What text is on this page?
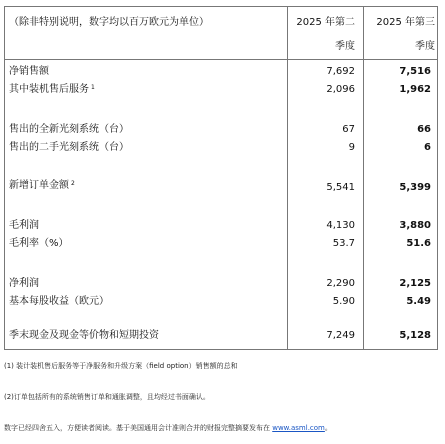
（除非特别说明，数字均以百万欧元为单位）	2025 年第二
季度
2025 年第三
季度
净销售额	7,692	7,516
其中装机售后服务 $^1$	2,096	1,962
售出的全新光刻系统（台）	67	66
售出的二手光刻系统（台）	9	6
新增订单金额 $^2$	5,541	5,399
毛利润	4,130	3,880
毛利率（%）	53.7	51.6
净利润	2,290	2,125
基本每股收益（欧元）	5.90	5.49
季末现金及现金等价物和短期投资	7,249	5,128
(1) 装计装机售后服务等于净服务和升级方案（field option）销售额的总和
(2)订单包括所有的系统销售订单和通胀调整，且均经过书面确认。
数字已经四舍五入，方便读者阅读。基于美国通用会计准则合并的财报完整摘要发布在 www.asml.com。
